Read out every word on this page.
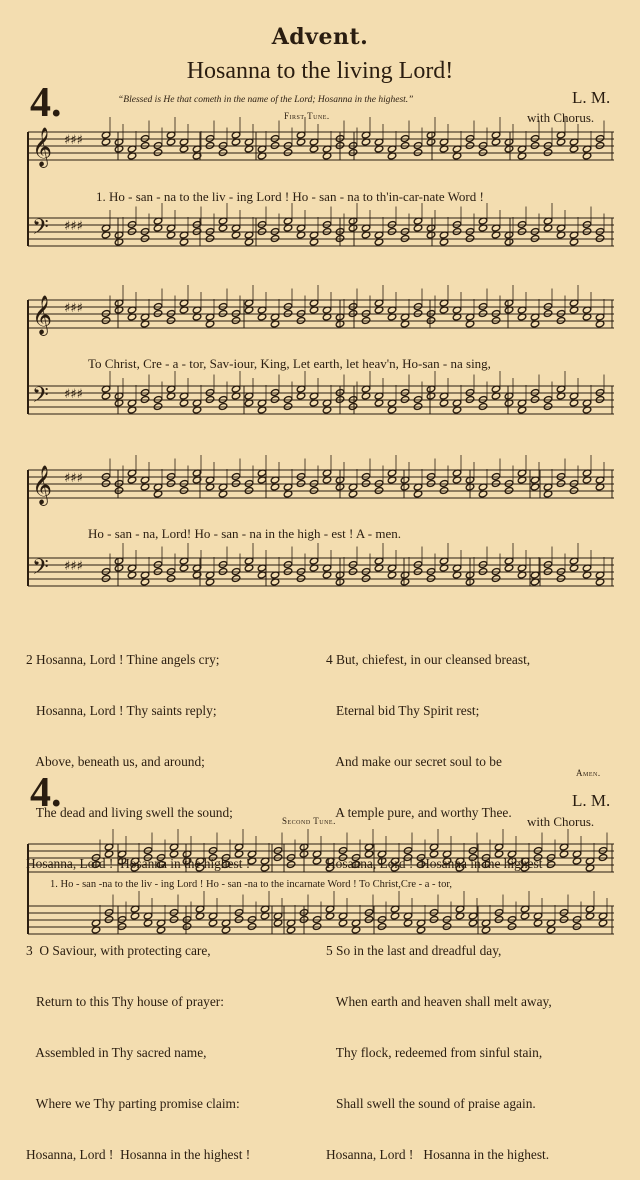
Advent.
Hosanna to the living Lord!
4.	“Blessed is He that cometh in the name of the Lord; Hosanna in the highest.”	L. M.
First Tune.	with Chorus.
𝄞
𝄢
♯♯♯
♯♯♯
𝄞
𝄢
♯♯♯
♯♯♯
𝄞
𝄢
♯♯♯
♯♯♯
1. Ho - san - na to the liv - ing Lord ! Ho - san - na to th'in-car-nate Word !
To Christ, Cre - a - tor, Sav-iour, King, Let earth, let heav'n, Ho-san - na sing,
Ho - san - na, Lord! Ho - san - na in the high - est ! A - men.

2 Hosanna, Lord ! Thine angels cry;

Hosanna, Lord ! Thy saints reply;

Above, beneath us, and around;

The dead and living swell the sound;

Hosanna, Lord !  Hosanna in the highest !

3  O Saviour, with protecting care,

Return to this Thy house of prayer:

Assembled in Thy sacred name,

Where we Thy parting promise claim:

Hosanna, Lord !  Hosanna in the highest !

4 But, chiefest, in our cleansed breast,

Eternal bid Thy Spirit rest;

And make our secret soul to be

A temple pure, and worthy Thee.

Hosanna, Lord !  Hosanna in the highest !

5 So in the last and dreadful day,

When earth and heaven shall melt away,

Thy flock, redeemed from sinful stain,

Shall swell the sound of praise again.

Hosanna, Lord !   Hosanna in the highest.

Amen.
4.	L. M.
Second Tune.	with Chorus.
1. Ho - san -na to the liv - ing Lord ! Ho - san -na to the incarnate Word ! To Christ,Cre - a - tor,
